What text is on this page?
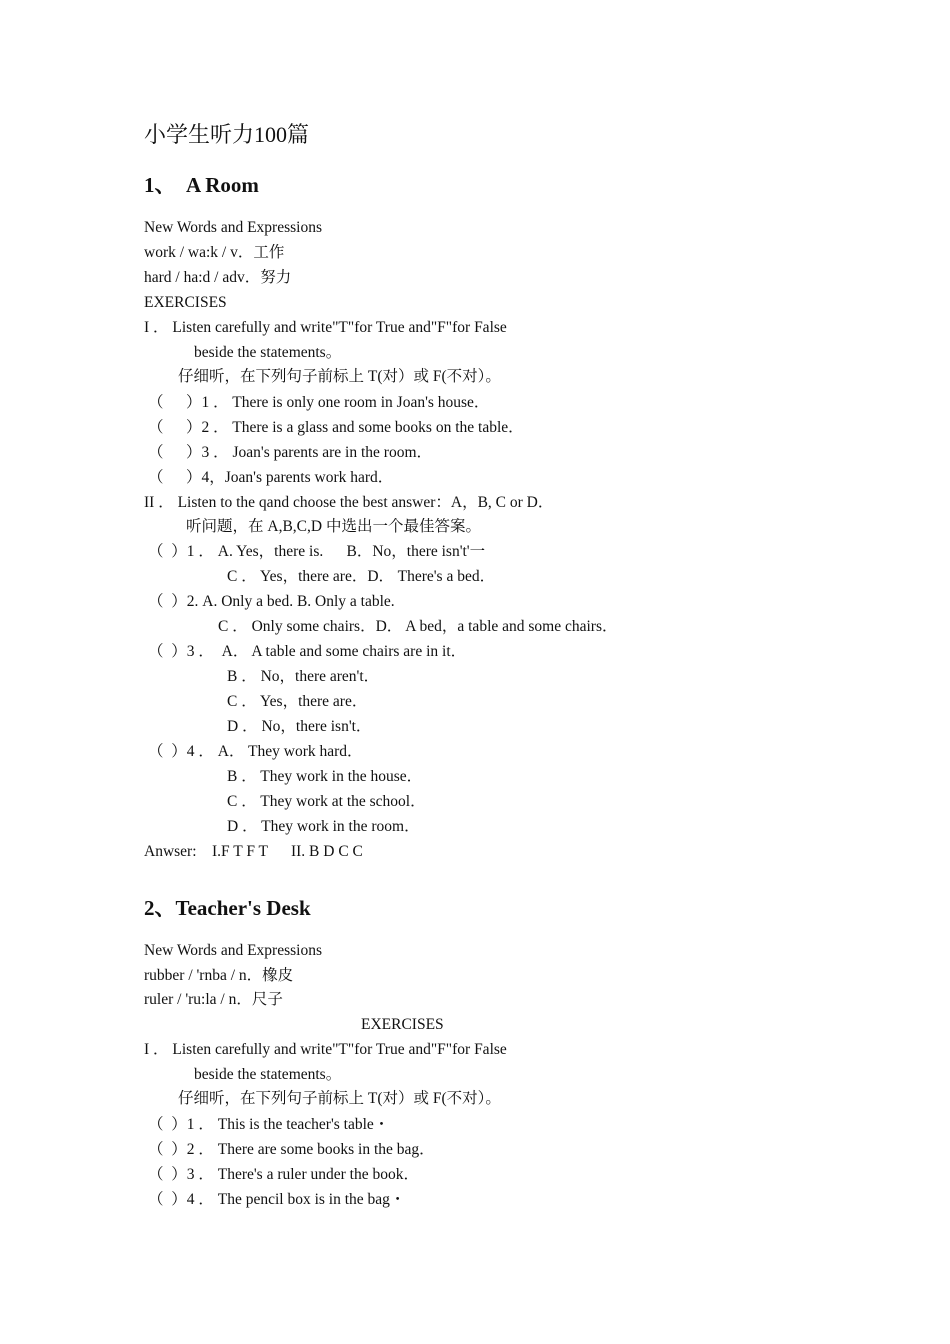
小学生听力100篇
1、  A Room
New Words and Expressions
work / wa:k / v．工作
hard / ha:d / adv．努力
EXERCISES
I ． Listen carefully and write"T"for True and"F"for False
beside the statements。
仔细听，在下列句子前标上 T(对）或 F(不对）。
（ ）1 ． There is only one room in Joan's house．
（ ）2 ． There is a glass and some books on the table．
（ ）3 ． Joan's parents are in the room．
（ ）4，Joan's parents work hard．
II ． Listen to the qand choose the best answer：A，B, C or D．
听问题，在 A,B,C,D 中选出一个最佳答案。
（  ）1 ． A. Yes，there is.      B．No，there isn't'一
C ． Yes，there are．D． There's a bed．
（  ）2. A. Only a bed. B. Only a table.
C ． Only some chairs．D． A bed，a table and some chairs．
（  ）3 ．  A． A table and some chairs are in it．
B ． No，there aren't．
C ． Yes，there are．
D ． No，there isn't．
（  ）4 ． A． They work hard．
B ． They work in the house．
C ． They work at the school．
D ． They work in the room．
Anwser:    I.F T F T      II. B D C C
2、Teacher's Desk
New Words and Expressions
rubber / 'rnba / n．橡皮
ruler / 'ru:la / n．尺子
EXERCISES
I ． Listen carefully and write"T"for True and"F"for False
beside the statements。
仔细听，在下列句子前标上 T(对）或 F(不对）。
（  ）1 ． This is the teacher's table・
（  ）2 ． There are some books in the bag．
（  ）3 ． There's a ruler under the book．
（  ）4 ． The pencil box is in the bag・
